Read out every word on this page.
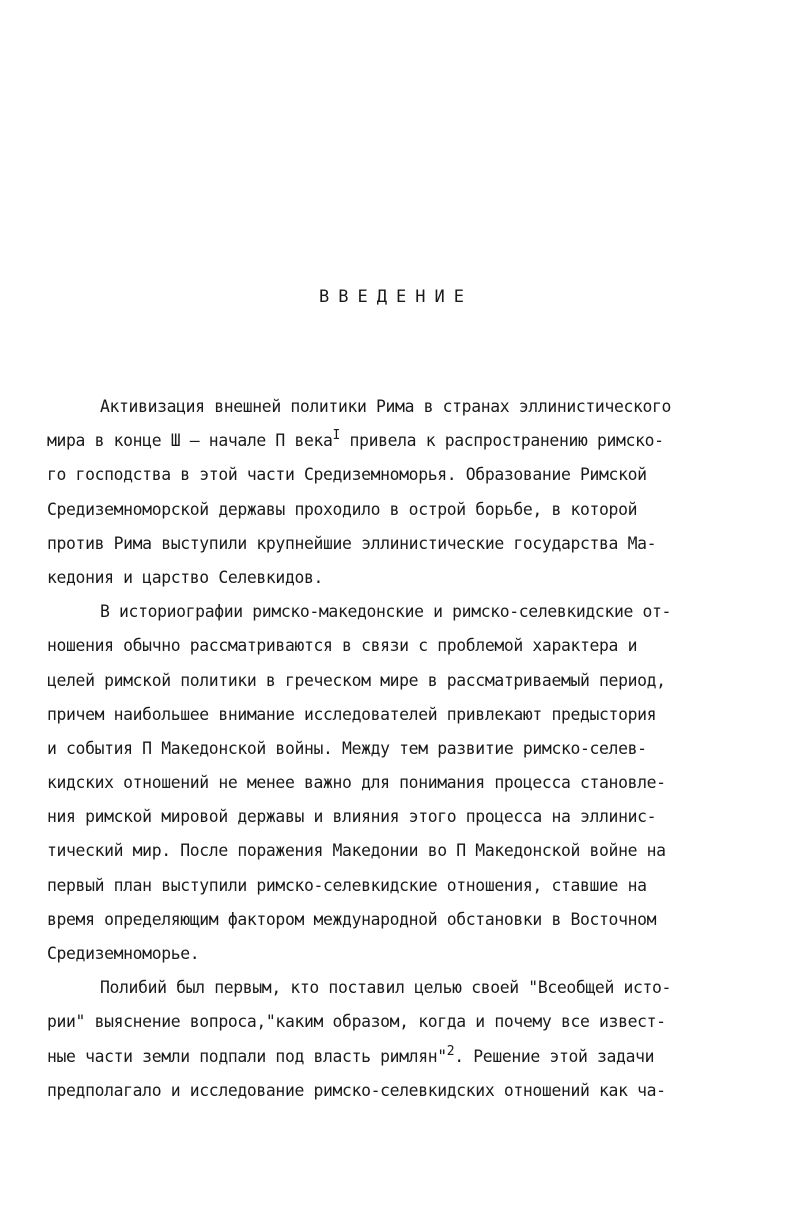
ВВЕДЕНИЕ
Активизация внешней политики Рима в странах эллинистического
мира в конце Ш – начале П века$^I$ привела к распространению римско-
го господства в этой части Средиземноморья. Образование Римской
Средиземноморской державы проходило в острой борьбе, в которой
против Рима выступили крупнейшие эллинистические государства Ма-
кедония и царство Селевкидов.
В историографии римско-македонские и римско-селевкидские от-
ношения обычно рассматриваются в связи с проблемой характера и
целей римской политики в греческом мире в рассматриваемый период,
причем наибольшее внимание исследователей привлекают предыстория
и события П Македонской войны. Между тем развитие римско-селев-
кидских отношений не менее важно для понимания процесса становле-
ния римской мировой державы и влияния этого процесса на эллинис-
тический мир. После поражения Македонии во П Македонской войне на
первый план выступили римско-селевкидские отношения, ставшие на
время определяющим фактором международной обстановки в Восточном
Средиземноморье.
Полибий был первым, кто поставил целью своей "Всеобщей исто-
рии" выяснение вопроса,"каким образом, когда и почему все извест-
ные части земли подпали под власть римлян"$^2$. Решение этой задачи
предполагало и исследование римско-селевкидских отношений как ча-
